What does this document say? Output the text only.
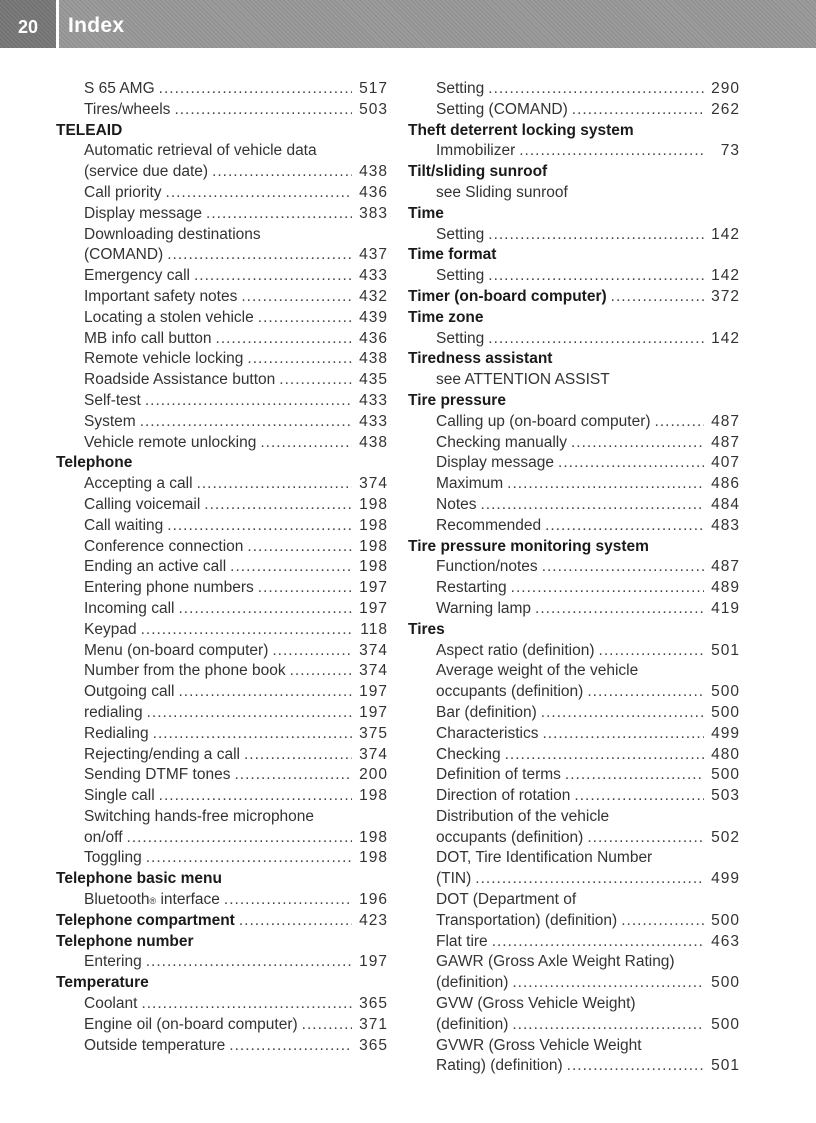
20	Index
S 65 AMG .....	517
Tires/wheels .....	503
TELEAID
Automatic retrieval of vehicle data
(service due date) .....	438
Call priority .....	436
Display message .....	383
Downloading destinations
(COMAND) .....	437
Emergency call .....	433
Important safety notes .....	432
Locating a stolen vehicle .....	439
MB info call button .....	436
Remote vehicle locking .....	438
Roadside Assistance button .....	435
Self-test .....	433
System .....	433
Vehicle remote unlocking .....	438
Telephone
Accepting a call .....	374
Calling voicemail .....	198
Call waiting .....	198
Conference connection .....	198
Ending an active call .....	198
Entering phone numbers .....	197
Incoming call .....	197
Keypad .....	118
Menu (on-board computer) .....	374
Number from the phone book .....	374
Outgoing call .....	197
redialing .....	197
Redialing .....	375
Rejecting/ending a call .....	374
Sending DTMF tones .....	200
Single call .....	198
Switching hands-free microphone
on/off .....	198
Toggling .....	198
Telephone basic menu
Bluetooth ® interface .....	196
Telephone compartment .....	423
Telephone number
Entering .....	197
Temperature
Coolant .....	365
Engine oil (on-board computer) .....	371
Outside temperature .....	365
Setting .....	290
Setting (COMAND) .....	262
Theft deterrent locking system
Immobilizer .....	73
Tilt/sliding sunroof
see Sliding sunroof
Time
Setting .....	142
Time format
Setting .....	142
Timer (on-board computer) .....	372
Time zone
Setting .....	142
Tiredness assistant
see ATTENTION ASSIST
Tire pressure
Calling up (on-board computer) .....	487
Checking manually .....	487
Display message .....	407
Maximum .....	486
Notes .....	484
Recommended .....	483
Tire pressure monitoring system
Function/notes .....	487
Restarting .....	489
Warning lamp .....	419
Tires
Aspect ratio (definition) .....	501
Average weight of the vehicle
occupants (definition) .....	500
Bar (definition) .....	500
Characteristics .....	499
Checking .....	480
Definition of terms .....	500
Direction of rotation .....	503
Distribution of the vehicle
occupants (definition) .....	502
DOT, Tire Identification Number
(TIN) .....	499
DOT (Department of
Transportation) (definition) .....	500
Flat tire .....	463
GAWR (Gross Axle Weight Rating)
(definition) .....	500
GVW (Gross Vehicle Weight)
(definition) .....	500
GVWR (Gross Vehicle Weight
Rating) (definition) .....	501
